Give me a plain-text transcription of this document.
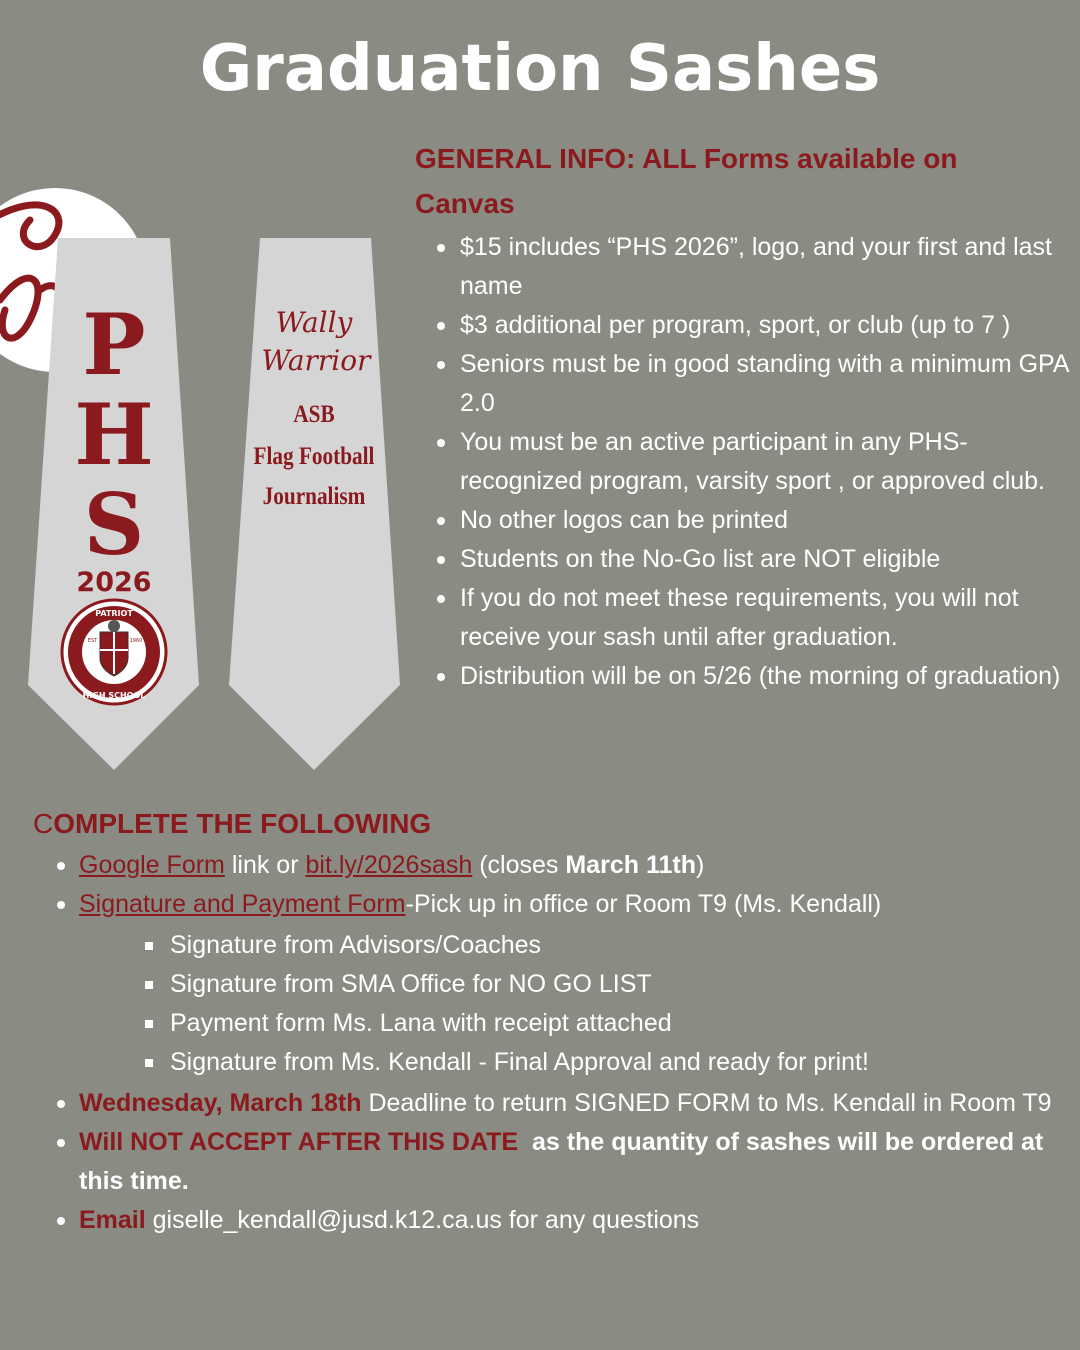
Graduation Sashes
P
H
S
2026
PATRIOT
HIGH SCHOOL
EST.	1960
Wally
Warrior
ASB
Flag Football
Journalism
GENERAL INFO: ALL Forms available on
Canvas
$15 includes “PHS 2026”, logo, and your first and last name
$3 additional per program, sport, or club (up to 7 )
Seniors must be in good standing with a minimum GPA 2.0
You must be an active participant in any PHS-recognized program, varsity sport , or approved club.
No other logos can be printed
Students on the No-Go list are NOT eligible
If you do not meet these requirements, you will not receive your sash until after graduation.
Distribution will be on 5/26 (the morning of graduation)
COMPLETE THE FOLLOWING
Google Form link or bit.ly/2026sash (closes March 11th)
Signature and Payment Form-Pick up in office or Room T9 (Ms. Kendall)
Signature from Advisors/Coaches
Signature from SMA Office for NO GO LIST
Payment form Ms. Lana with receipt attached
Signature from Ms. Kendall - Final Approval and ready for print!
Wednesday, March 18th Deadline to return SIGNED FORM to Ms. Kendall in Room T9
Will NOT ACCEPT AFTER THIS DATE  as the quantity of sashes will be ordered at this time.
Email giselle_kendall@jusd.k12.ca.us for any questions
